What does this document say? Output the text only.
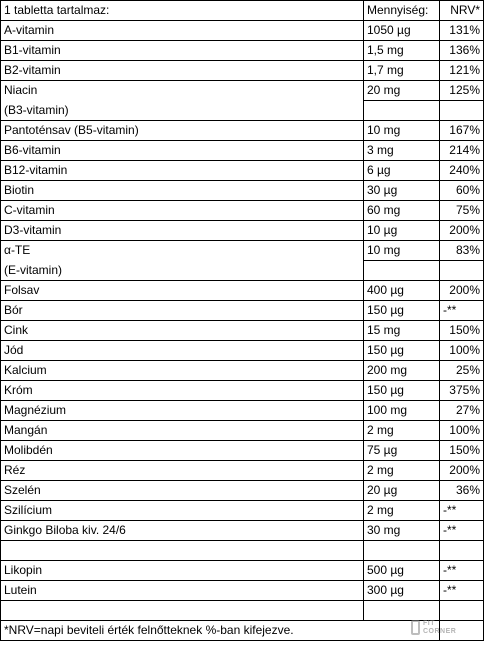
1 tabletta tartalmaz:	Mennyiség:	NRV*
A-vitamin	1050 µg	131%
B1-vitamin	1,5 mg	136%
B2-vitamin	1,7 mg	121%
Niacin	20 mg	125%
(B3-vitamin)		
Pantoténsav (B5-vitamin)	10 mg	167%
B6-vitamin	3 mg	214%
B12-vitamin	6 µg	240%
Biotin	30 µg	60%
C-vitamin	60 mg	75%
D3-vitamin	10 µg	200%
α-TE	10 mg	83%
(E-vitamin)		
Folsav	400 µg	200%
Bór	150 µg	-**
Cink	15 mg	150%
Jód	150 µg	100%
Kalcium	200 mg	25%
Króm	150 µg	375%
Magnézium	100 mg	27%
Mangán	2 mg	100%
Molibdén	75 µg	150%
Réz	2 mg	200%
Szelén	20 µg	36%
Szilícium	2 mg	-**
Ginkgo Biloba kiv. 24/6	30 mg	-**

Likopin	500 µg	-**
Lutein	300 µg	-**

*NRV=napi beviteli érték felnőtteknek %-ban kifejezve.			FIT
CORNER
